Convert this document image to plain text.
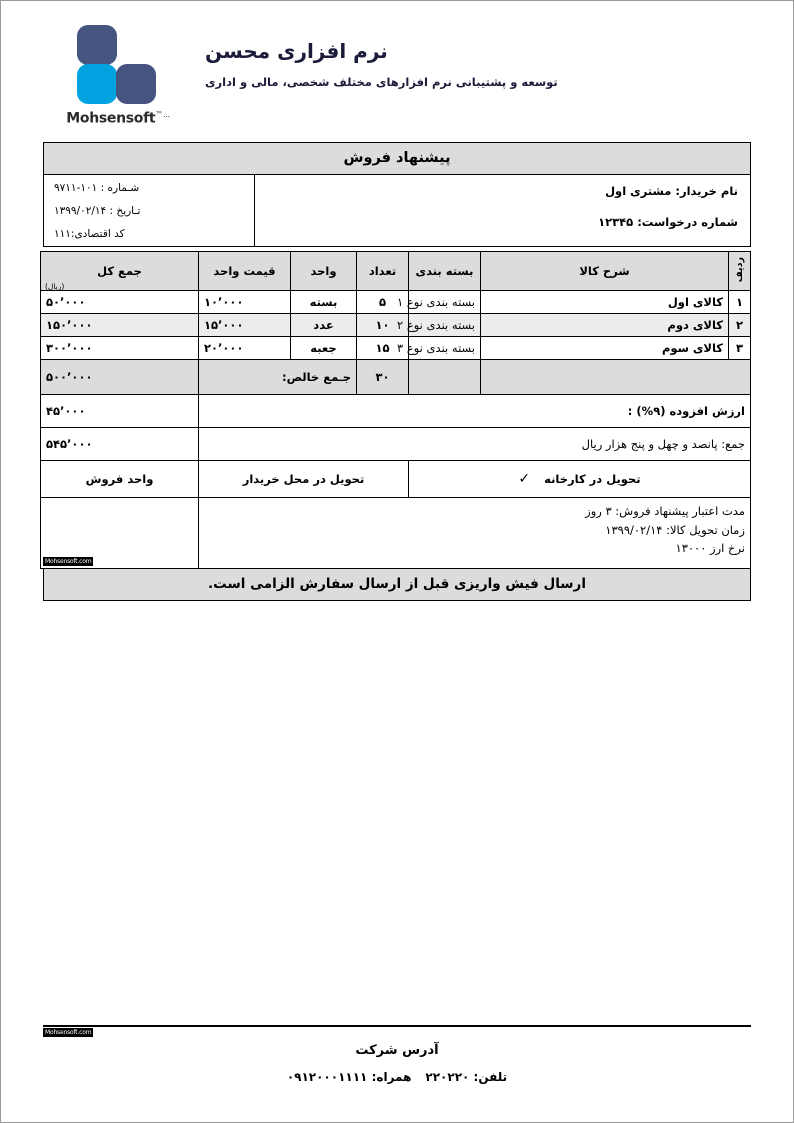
نرم افزاری محسن
توسعه و پشتیبانی نرم افزارهای مختلف شخصی، مالی و اداری
Mohsensoft™...
پیشنهاد فروش
نام خریدار: مشتری اول
شماره درخواست: ۱۲۳۴۵
شـماره : ۱۰۱-۹۷۱۱
تـاریخ : ۱۳۹۹/۰۲/۱۴
کد اقتصادی:۱۱۱
ردیف	شرح کالا	بسته بندی	تعداد	واحد	قیمت واحد	جمع کل
(ریال)

۱	کالای اول	بسته بندی نوع ۱	۵	بسته	۱۰٬۰۰۰	۵۰٬۰۰۰
۲	کالای دوم	بسته بندی نوع ۲	۱۰	عدد	۱۵٬۰۰۰	۱۵۰٬۰۰۰
۳	کالای سوم	بسته بندی نوع ۳	۱۵	جعبه	۲۰٬۰۰۰	۳۰۰٬۰۰۰
			۳۰	جـمع خالص:		۵۰۰٬۰۰۰
ارزش افزوده (۹%) :						۴۵٬۰۰۰
جمع: پانصد و چهل و پنج هزار ریال						۵۴۵٬۰۰۰
تحویل در کارخانه✓			تحویل در محل خریدار			واحد فروش

مدت اعتبار پیشنهاد فروش: ۳ روز
زمان تحویل کالا: ۱۳۹۹/۰۲/۱۴
نرخ ارز ۱۳۰۰۰						

ارسال فیش واریزی قبل از ارسال سفارش الزامی است.
Mohsensoft.com
Mohsensoft.com
آدرس شرکت
تلفن: ۲۲۰۲۲۰همراه: ۰۹۱۲۰۰۰۱۱۱۱
